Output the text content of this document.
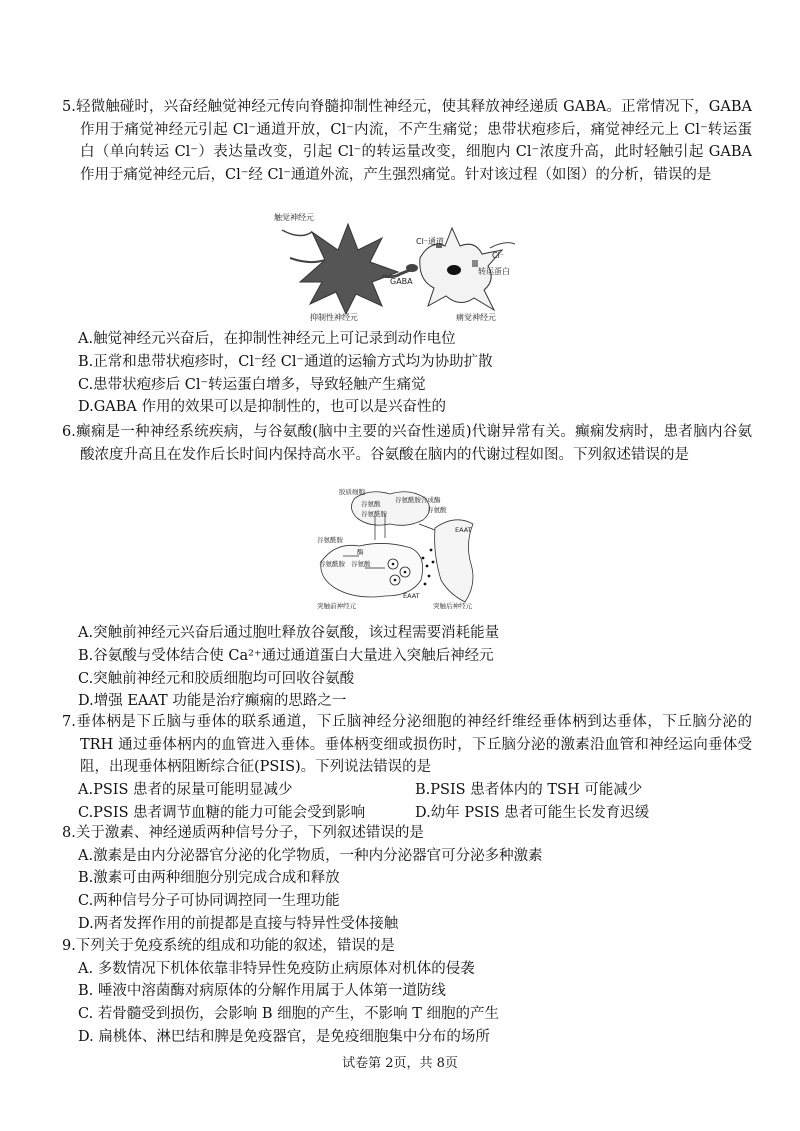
5.轻微触碰时，兴奋经触觉神经元传向脊髓抑制性神经元，使其释放神经递质 GABA。正常情况下，GABA 作用于痛觉神经元引起 Cl⁻通道开放，Cl⁻内流，不产生痛觉；患带状疱疹后，痛觉神经元上 Cl⁻转运蛋白（单向转运 Cl⁻）表达量改变，引起 Cl⁻的转运量改变，细胞内 Cl⁻浓度升高，此时轻触引起 GABA 作用于痛觉神经元后，Cl⁻经 Cl⁻通道外流，产生强烈痛觉。针对该过程（如图）的分析，错误的是

触觉神经元
Cl⁻通道
Cl⁻
转运蛋白
GABA
抑制性神经元	痛觉神经元

A.触觉神经元兴奋后，在抑制性神经元上可记录到动作电位

B.正常和患带状疱疹时，Cl⁻经 Cl⁻通道的运输方式均为协助扩散

C.患带状疱疹后 Cl⁻转运蛋白增多，导致轻触产生痛觉

D.GABA 作用的效果可以是抑制性的，也可以是兴奋性的

6.癫痫是一种神经系统疾病，与谷氨酸(脑中主要的兴奋性递质)代谢异常有关。癫痫发病时，患者脑内谷氨酸浓度升高且在发作后长时间内保持高水平。谷氨酸在脑内的代谢过程如图。下列叙述错误的是

胶质细胞
谷氨酰胺合成酶
谷氨酸
谷氨酰胺	谷氨酸
EAAT
谷氨酰胺
酶
谷氨酰胺 谷氨酸
EAAT
突触前神经元	突触后神经元

A.突触前神经元兴奋后通过胞吐释放谷氨酸，该过程需要消耗能量

B.谷氨酸与受体结合使 Ca²⁺通过通道蛋白大量进入突触后神经元

C.突触前神经元和胶质细胞均可回收谷氨酸

D.增强 EAAT 功能是治疗癫痫的思路之一

7.垂体柄是下丘脑与垂体的联系通道，下丘脑神经分泌细胞的神经纤维经垂体柄到达垂体，下丘脑分泌的 TRH 通过垂体柄内的血管进入垂体。垂体柄变细或损伤时，下丘脑分泌的激素沿血管和神经运向垂体受阻，出现垂体柄阻断综合征(PSIS)。下列说法错误的是

A.PSIS 患者的尿量可能明显减少	B.PSIS 患者体内的 TSH 可能减少
C.PSIS 患者调节血糖的能力可能会受到影响	D.幼年 PSIS 患者可能生长发育迟缓

8.关于激素、神经递质两种信号分子，下列叙述错误的是

A.激素是由内分泌器官分泌的化学物质，一种内分泌器官可分泌多种激素

B.激素可由两种细胞分别完成合成和释放

C.两种信号分子可协同调控同一生理功能

D.两者发挥作用的前提都是直接与特异性受体接触

9.下列关于免疫系统的组成和功能的叙述，错误的是

A. 多数情况下机体依靠非特异性免疫防止病原体对机体的侵袭

B. 唾液中溶菌酶对病原体的分解作用属于人体第一道防线

C. 若骨髓受到损伤，会影响 B 细胞的产生，不影响 T 细胞的产生

D. 扁桃体、淋巴结和脾是免疫器官，是免疫细胞集中分布的场所

试卷第 2页，共 8页
